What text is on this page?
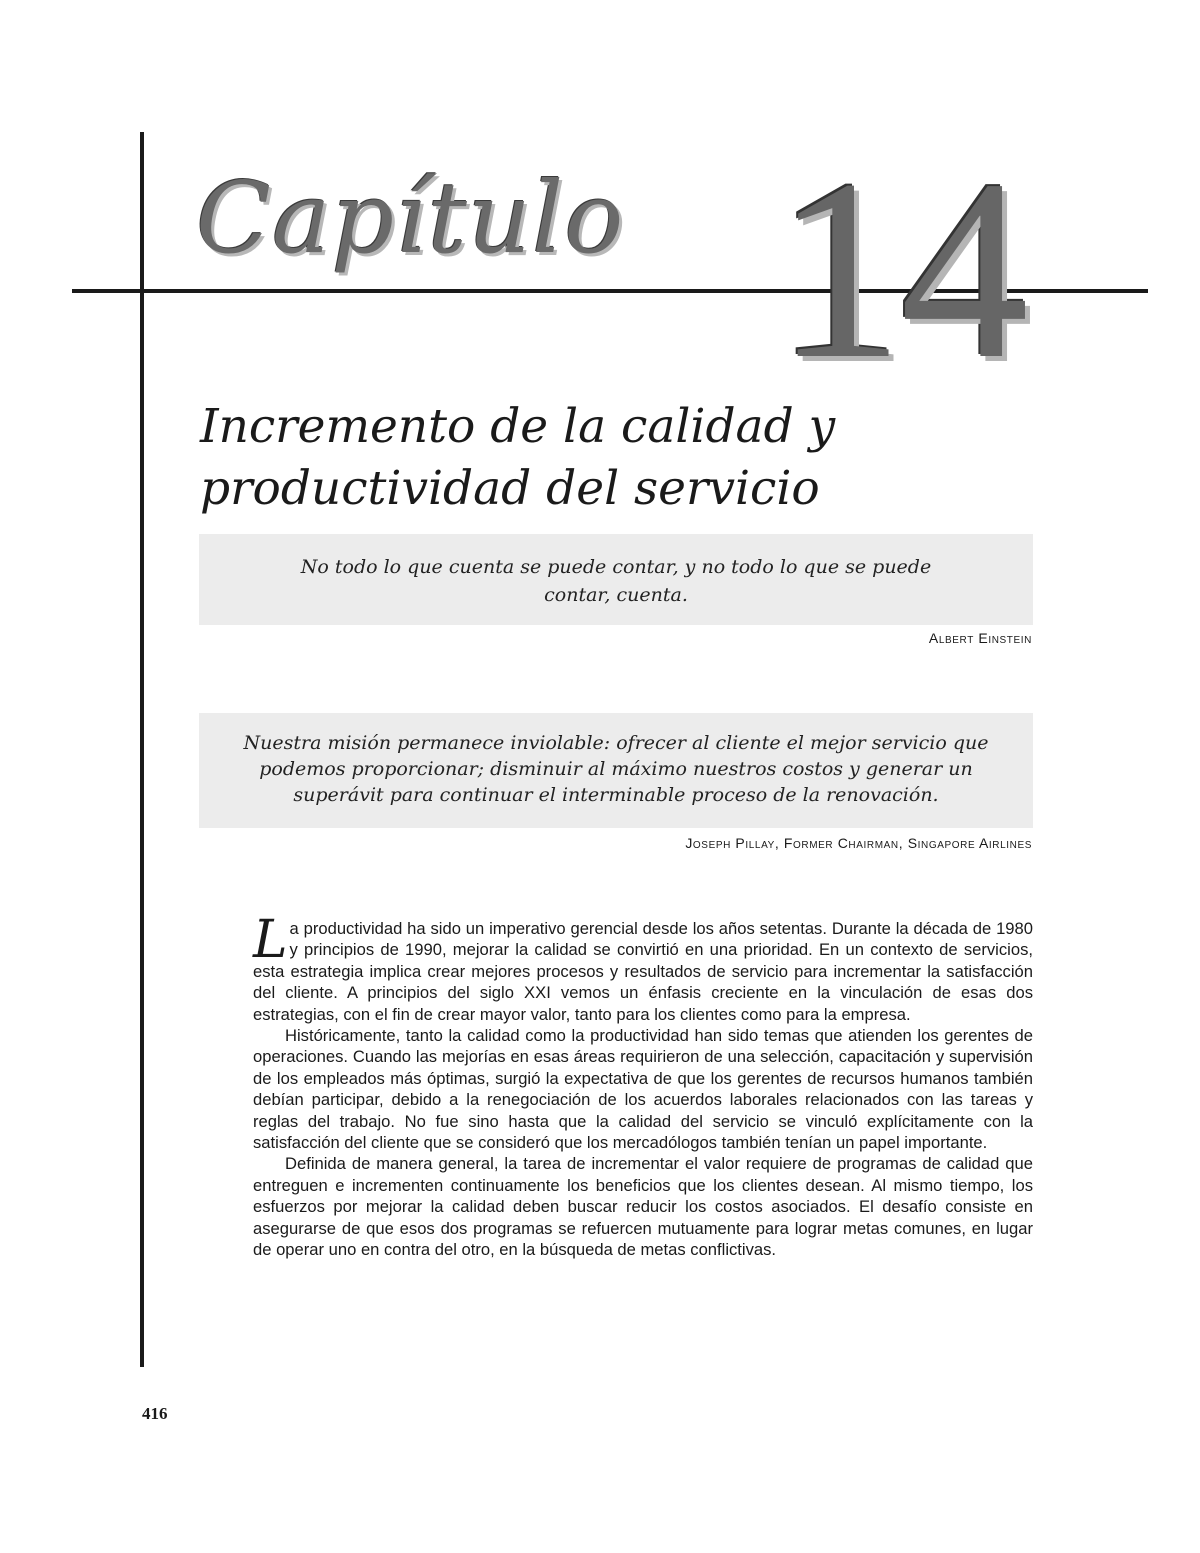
Capítulo 14
Incremento de la calidad y
productividad del servicio
No todo lo que cuenta se puede contar, y no todo lo que se puede
contar, cuenta.
Albert Einstein
Nuestra misión permanece inviolable: ofrecer al cliente el mejor servicio que
podemos proporcionar; disminuir al máximo nuestros costos y generar un
superávit para continuar el interminable proceso de la renovación.
Joseph Pillay, Former Chairman, Singapore Airlines

La productividad ha sido un imperativo gerencial desde los años setentas. Durante la década de 1980 y principios de 1990, mejorar la calidad se convirtió en una prioridad. En un contexto de servicios, esta estrategia implica crear mejores procesos y resultados de servicio para incrementar la satisfacción del cliente. A principios del siglo XXI vemos un énfasis creciente en la vinculación de esas dos estrategias, con el fin de crear mayor valor, tanto para los clientes como para la empresa.

Históricamente, tanto la calidad como la productividad han sido temas que atienden los gerentes de operaciones. Cuando las mejorías en esas áreas requirieron de una selección, capacitación y supervisión de los empleados más óptimas, surgió la expectativa de que los gerentes de recursos humanos también debían participar, debido a la renegociación de los acuerdos laborales relacionados con las tareas y reglas del trabajo. No fue sino hasta que la calidad del servicio se vinculó explícitamente con la satisfacción del cliente que se consideró que los mercadólogos también tenían un papel importante.

Definida de manera general, la tarea de incrementar el valor requiere de programas de calidad que entreguen e incrementen continuamente los beneficios que los clientes desean. Al mismo tiempo, los esfuerzos por mejorar la calidad deben buscar reducir los costos asociados. El desafío consiste en asegurarse de que esos dos programas se refuercen mutuamente para lograr metas comunes, en lugar de operar uno en contra del otro, en la búsqueda de metas conflictivas.

416
